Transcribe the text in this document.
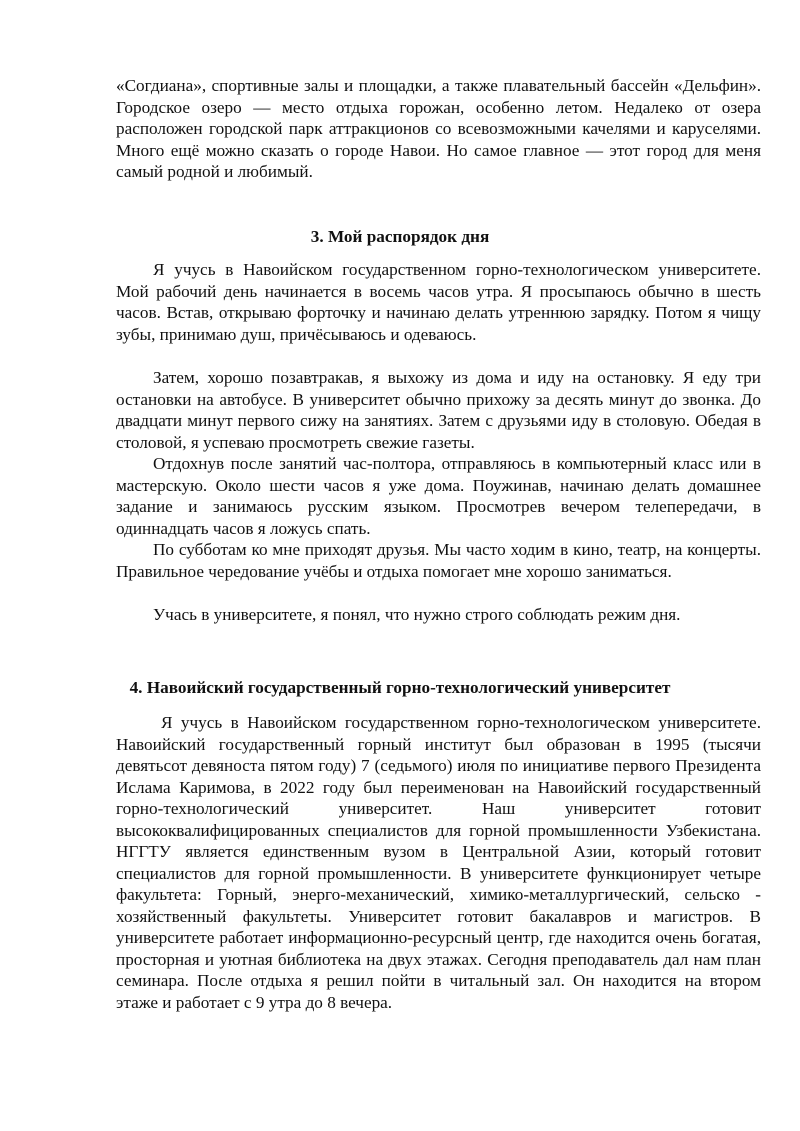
«Согдиана», спортивные залы и площадки, а также плавательный бассейн «Дельфин». Городское озеро — место отдыха горожан, особенно летом. Недалеко от озера расположен городской парк аттракционов со всевозможными качелями и каруселями. Много ещё можно сказать о городе Навои. Но самое главное — этот город для меня самый родной и любимый.

3. Мой распорядок дня

Я учусь в Навоийском государственном горно-технологическом университете. Мой рабочий день начинается в восемь часов утра. Я просыпаюсь обычно в шесть часов. Встав, открываю форточку и начинаю делать утреннюю зарядку. Потом я чищу зубы, принимаю душ, причёсываюсь и одеваюсь.

Затем, хорошо позавтракав, я выхожу из дома и иду на остановку. Я еду три остановки на автобусе. В университет обычно прихожу за десять минут до звонка. До двадцати минут первого сижу на занятиях. Затем с друзьями иду в столовую. Обедая в столовой, я успеваю просмотреть свежие газеты.

Отдохнув после занятий час-полтора, отправляюсь в компьютерный класс или в мастерскую. Около шести часов я уже дома. Поужинав, начинаю делать домашнее задание и занимаюсь русским языком. Просмотрев вечером телепередачи, в одиннадцать часов я ложусь спать.

По субботам ко мне приходят друзья. Мы часто ходим в кино, театр, на концерты. Правильное чередование учёбы и отдыха помогает мне хорошо заниматься.

Учась в университете, я понял, что нужно строго соблюдать режим дня.

4. Навоийский государственный горно-технологический университет

Я учусь в Навоийском государственном горно-технологическом университете. Навоийский государственный горный институт был образован в 1995 (тысячи девятьсот девяноста пятом году) 7 (седьмого) июля по инициативе первого Президента Ислама Каримова, в 2022 году был переименован на Навоийский государственный горно-технологический университет. Наш университет готовит высококвалифицированных специалистов для горной промышленности Узбекистана. НГГТУ является единственным вузом в Центральной Азии, который готовит специалистов для горной промышленности. В университете функционирует четыре факультета: Горный, энерго-механический, химико-металлургический, сельско - хозяйственный факультеты. Университет готовит бакалавров и магистров. В университете работает информационно-ресурсный центр, где находится очень богатая, просторная и уютная библиотека на двух этажах. Сегодня преподаватель дал нам план семинара. После отдыха я решил пойти в читальный зал. Он находится на втором этаже и работает с 9 утра до 8 вечера.
